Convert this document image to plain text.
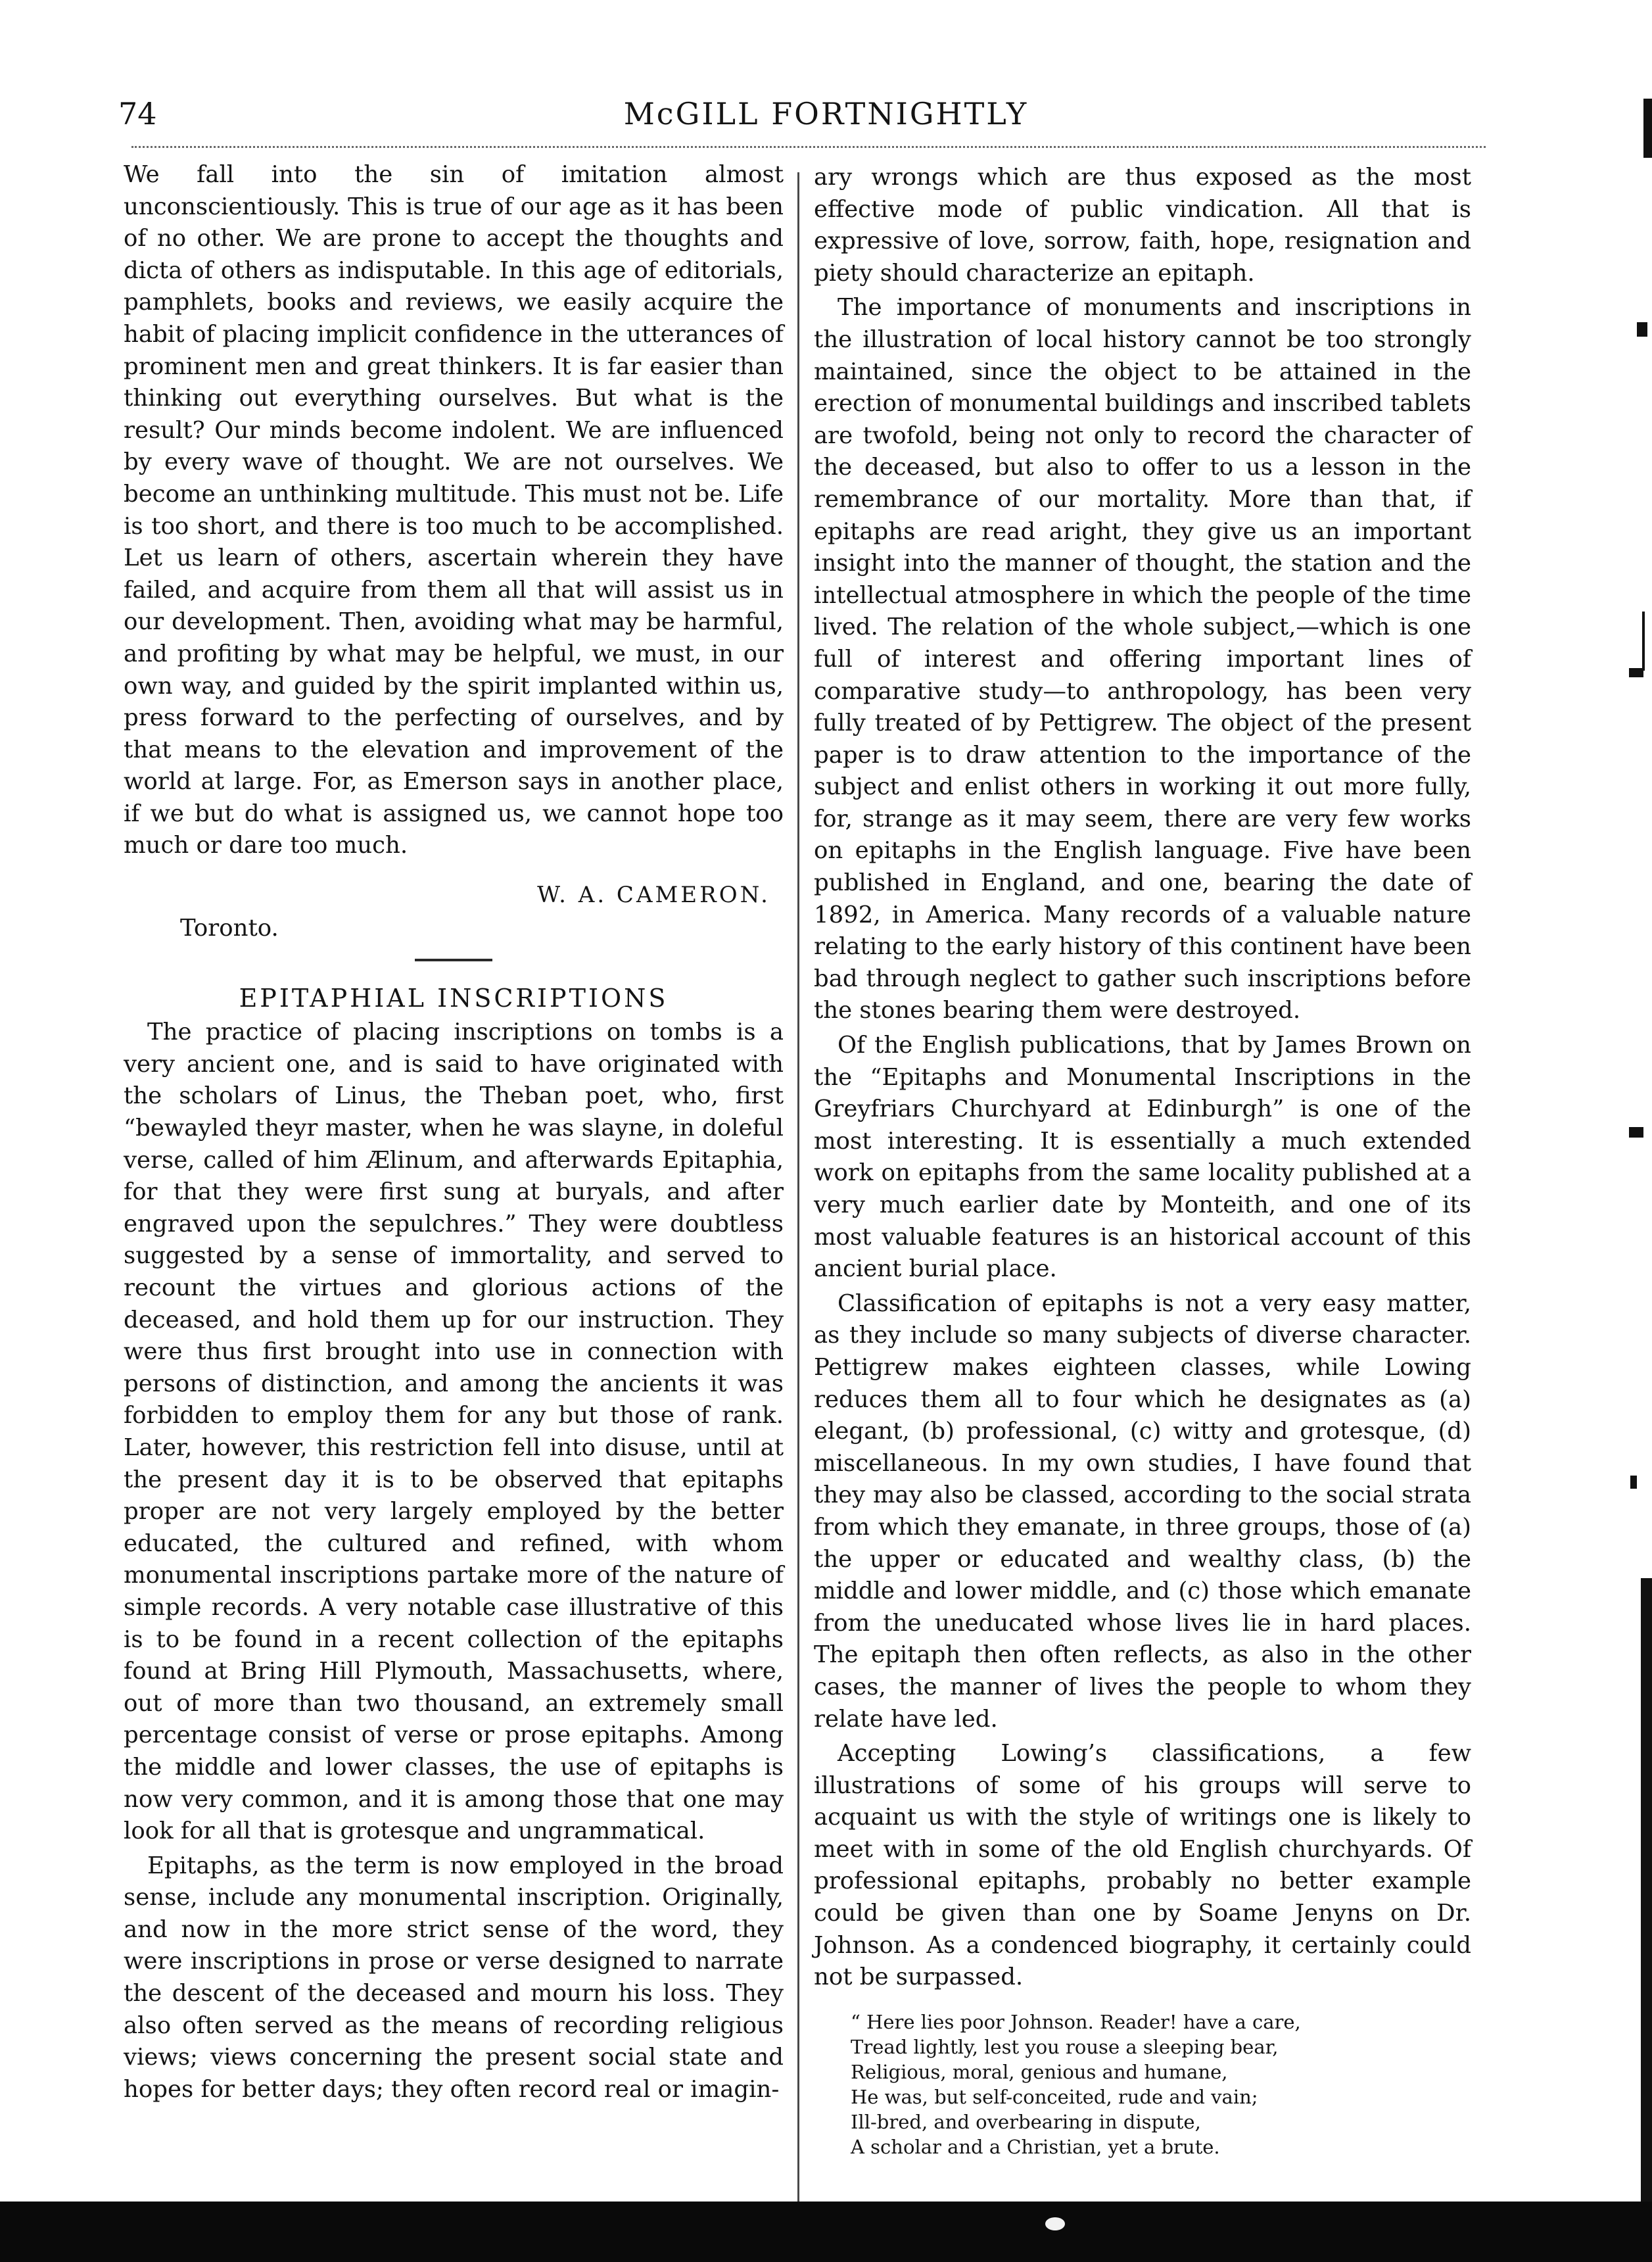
74	McGILL FORTNIGHTLY

We fall into the sin of imitation almost unconscientiously. This is true of our age as it has been of no other. We are prone to accept the thoughts and dicta of others as indisputable. In this age of editorials, pamphlets, books and reviews, we easily acquire the habit of placing implicit confidence in the utterances of prominent men and great thinkers. It is far easier than thinking out everything ourselves. But what is the result? Our minds become indolent. We are influenced by every wave of thought. We are not ourselves. We become an unthinking multitude. This must not be. Life is too short, and there is too much to be accomplished. Let us learn of others, ascertain wherein they have failed, and acquire from them all that will assist us in our development. Then, avoiding what may be harmful, and profiting by what may be helpful, we must, in our own way, and guided by the spirit implanted within us, press forward to the perfecting of ourselves, and by that means to the elevation and improvement of the world at large. For, as Emerson says in another place, if we but do what is assigned us, we cannot hope too much or dare too much.

W. A. CAMERON.
Toronto.
EPITAPHIAL INSCRIPTIONS

The practice of placing inscriptions on tombs is a very ancient one, and is said to have originated with the scholars of Linus, the Theban poet, who, first “bewayled theyr master, when he was slayne, in doleful verse, called of him Ælinum, and afterwards Epitaphia, for that they were first sung at buryals, and after engraved upon the sepulchres.” They were doubtless suggested by a sense of immortality, and served to recount the virtues and glorious actions of the deceased, and hold them up for our instruction. They were thus first brought into use in connection with persons of distinction, and among the ancients it was forbidden to employ them for any but those of rank. Later, however, this restriction fell into disuse, until at the present day it is to be observed that epitaphs proper are not very largely employed by the better educated, the cultured and refined, with whom monumental inscriptions partake more of the nature of simple records. A very notable case illustrative of this is to be found in a recent collection of the epitaphs found at Bring Hill Plymouth, Massachusetts, where, out of more than two thousand, an extremely small percentage consist of verse or prose epitaphs. Among the middle and lower classes, the use of epitaphs is now very common, and it is among those that one may look for all that is grotesque and ungrammatical.

Epitaphs, as the term is now employed in the broad sense, include any monumental inscription. Originally, and now in the more strict sense of the word, they were inscriptions in prose or verse designed to narrate the descent of the deceased and mourn his loss. They also often served as the means of recording religious views; views concerning the present social state and hopes for better days; they often record real or imagin-

ary wrongs which are thus exposed as the most effective mode of public vindication. All that is expressive of love, sorrow, faith, hope, resignation and piety should characterize an epitaph.

The importance of monuments and inscriptions in the illustration of local history cannot be too strongly maintained, since the object to be attained in the erection of monumental buildings and inscribed tablets are twofold, being not only to record the character of the deceased, but also to offer to us a lesson in the remembrance of our mortality. More than that, if epitaphs are read aright, they give us an important insight into the manner of thought, the station and the intellectual atmosphere in which the people of the time lived. The relation of the whole subject,—which is one full of interest and offering important lines of comparative study—to anthropology, has been very fully treated of by Pettigrew. The object of the present paper is to draw attention to the importance of the subject and enlist others in working it out more fully, for, strange as it may seem, there are very few works on epitaphs in the English language. Five have been published in England, and one, bearing the date of 1892, in America. Many records of a valuable nature relating to the early history of this continent have been bad through neglect to gather such inscriptions before the stones bearing them were destroyed.

Of the English publications, that by James Brown on the “Epitaphs and Monumental Inscriptions in the Greyfriars Churchyard at Edinburgh” is one of the most interesting. It is essentially a much extended work on epitaphs from the same locality published at a very much earlier date by Monteith, and one of its most valuable features is an historical account of this ancient burial place.

Classification of epitaphs is not a very easy matter, as they include so many subjects of diverse character. Pettigrew makes eighteen classes, while Lowing reduces them all to four which he designates as (a) elegant, (b) professional, (c) witty and grotesque, (d) miscellaneous. In my own studies, I have found that they may also be classed, according to the social strata from which they emanate, in three groups, those of (a) the upper or educated and wealthy class, (b) the middle and lower middle, and (c) those which emanate from the uneducated whose lives lie in hard places. The epitaph then often reflects, as also in the other cases, the manner of lives the people to whom they relate have led.

Accepting Lowing’s classifications, a few illustrations of some of his groups will serve to acquaint us with the style of writings one is likely to meet with in some of the old English churchyards. Of professional epitaphs, probably no better example could be given than one by Soame Jenyns on Dr. Johnson. As a condenced biography, it certainly could not be surpassed.

“ Here lies poor Johnson. Reader! have a care,
Tread lightly, lest you rouse a sleeping bear,
Religious, moral, genious and humane,
He was, but self-conceited, rude and vain;
Ill-bred, and overbearing in dispute,
A scholar and a Christian, yet a brute.
